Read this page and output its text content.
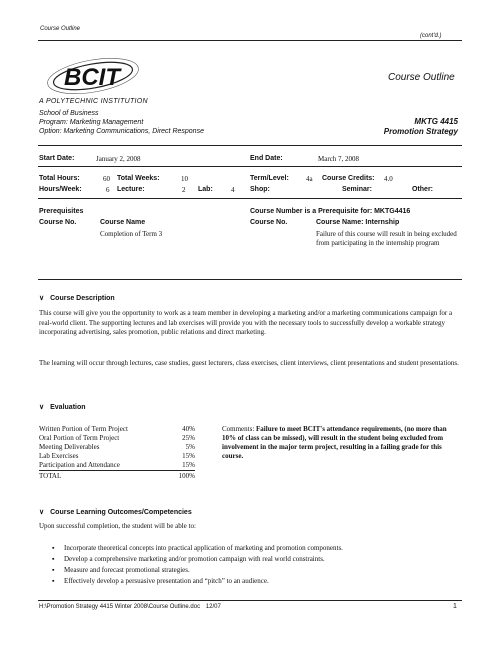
Course Outline
(cont'd.)
BCIT
A POLYTECHNIC INSTITUTION
Course Outline
School of Business
Program: Marketing Management
Option: Marketing Communications, Direct Response
MKTG 4415
Promotion Strategy
Start Date:	January 2, 2008	End Date:	March 7, 2008
Total Hours:	60 Total Weeks:	10	Term/Level: 4a Course Credits: 4.0
Hours/Week:	6 Lecture:	2 Lab:	4 Shop:	Seminar:	Other:
Prerequisites
Course No.	Course Name
Completion of Term 3
Course Number is a Prerequisite for: MKTG4416
Course No.	Course Name: Internship
Failure of this course will result in being excluded from participating in the internship program
∨ Course Description
This course will give you the opportunity to work as a team member in developing a marketing and/or a marketing communications campaign for a real-world client. The supporting lectures and lab exercises will provide you with the necessary tools to successfully develop a workable strategy incorporating advertising, sales promotion, public relations and direct marketing.
The learning will occur through lectures, case studies, guest lecturers, class exercises, client interviews, client presentations and student presentations.
∨ Evaluation
Written Portion of Term Project	40%
Oral Portion of Term Project	25%
Meeting Deliverables	5%
Lab Exercises	15%
Participation and Attendance	15%
TOTAL	100%
Comments: Failure to meet BCIT's attendance requirements, (no more than 10% of class can be missed), will result in the student being excluded from involvement in the major term project, resulting in a failing grade for this course.
∨ Course Learning Outcomes/Competencies
Upon successful completion, the student will be able to:
▪ Incorporate theoretical concepts into practical application of marketing and promotion components.
▪ Develop a comprehensive marketing and/or promotion campaign with real world constraints.
▪ Measure and forecast promotional strategies.
▪ Effectively develop a persuasive presentation and “pitch” to an audience.
H:\Promotion Strategy 4415 Winter 2008\Course Outline.doc 12/07	1
